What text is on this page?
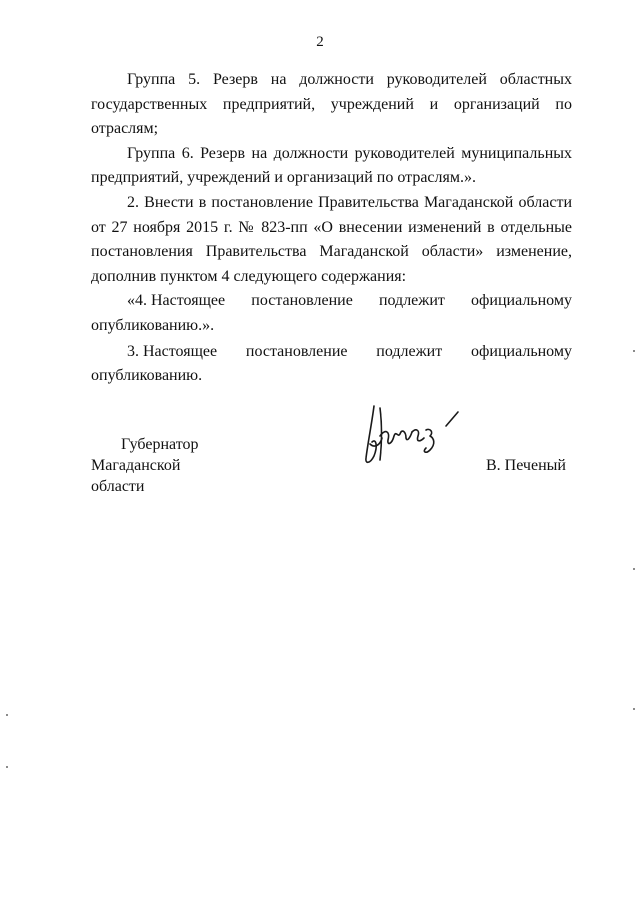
2

Группа 5. Резерв на должности руководителей областных государственных предприятий, учреждений и организаций по отраслям;

Группа 6. Резерв на должности руководителей муниципальных предприятий, учреждений и организаций по отраслям.».

2. Внести в постановление Правительства Магаданской области от 27 ноября 2015 г. № 823-пп «О внесении изменений в отдельные постановления Правительства Магаданской области» изменение, дополнив пунктом 4 следующего содержания:

«4. Настоящее постановление подлежит официальному

опубликованию.».

3. Настоящее постановление подлежит официальному

опубликованию.

Губернатор
Магаданской области
В. Печеный
